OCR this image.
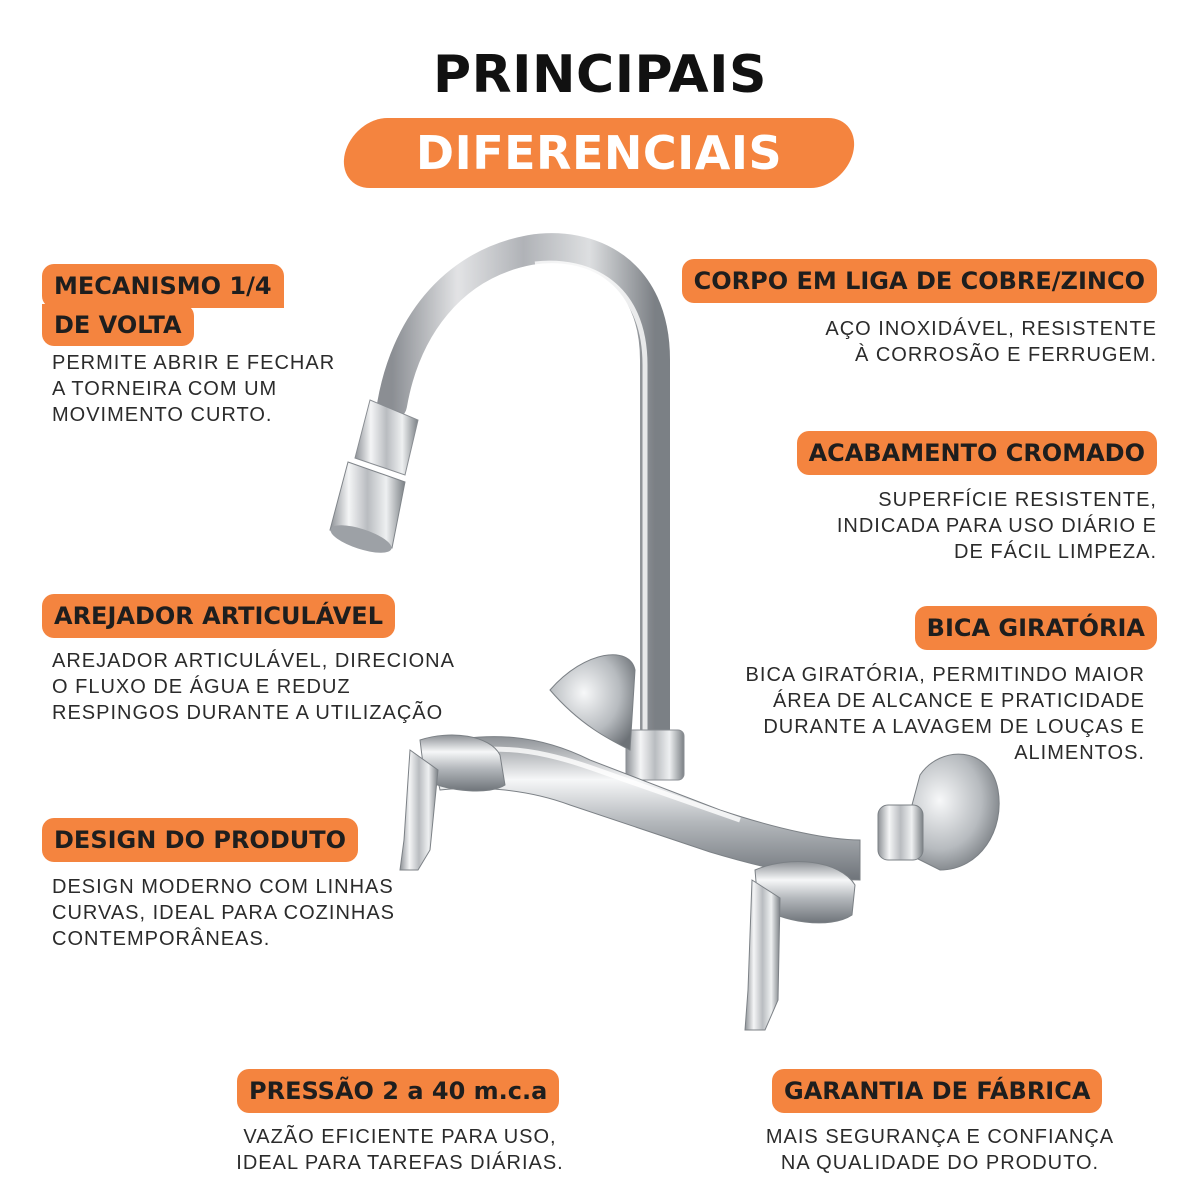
PRINCIPAIS
DIFERENCIAIS
MECANISMO 1/4
DE VOLTA
PERMITE ABRIR E FECHAR
A TORNEIRA COM UM
MOVIMENTO CURTO.
AREJADOR ARTICULÁVEL
AREJADOR ARTICULÁVEL, DIRECIONA
O FLUXO DE ÁGUA E REDUZ
RESPINGOS DURANTE A UTILIZAÇÃO
DESIGN DO PRODUTO
DESIGN MODERNO COM LINHAS
CURVAS, IDEAL PARA COZINHAS
CONTEMPORÂNEAS.
CORPO EM LIGA DE COBRE/ZINCO
AÇO INOXIDÁVEL, RESISTENTE
À CORROSÃO E FERRUGEM.
ACABAMENTO CROMADO
SUPERFÍCIE RESISTENTE,
INDICADA PARA USO DIÁRIO E
DE FÁCIL LIMPEZA.
BICA GIRATÓRIA
BICA GIRATÓRIA, PERMITINDO MAIOR
ÁREA DE ALCANCE E PRATICIDADE
DURANTE A LAVAGEM DE LOUÇAS E
ALIMENTOS.
PRESSÃO 2 a 40 m.c.a
VAZÃO EFICIENTE PARA USO,
IDEAL PARA TAREFAS DIÁRIAS.
GARANTIA DE FÁBRICA
MAIS SEGURANÇA E CONFIANÇA
NA QUALIDADE DO PRODUTO.
